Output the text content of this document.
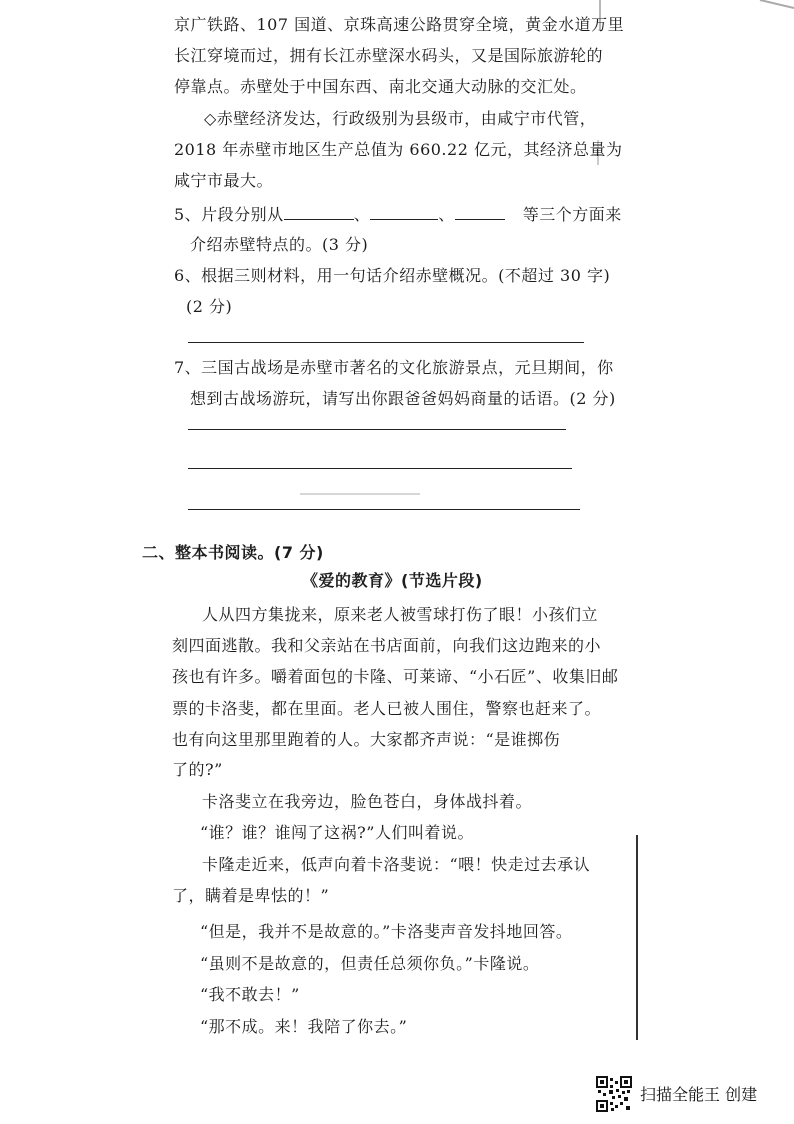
京广铁路、107 国道、京珠高速公路贯穿全境，黄金水道万里
长江穿境而过，拥有长江赤壁深水码头，又是国际旅游轮的
停靠点。赤壁处于中国东西、南北交通大动脉的交汇处。
◇赤壁经济发达，行政级别为县级市，由咸宁市代管，
2018 年赤壁市地区生产总值为 660.22 亿元，其经济总量为
咸宁市最大。
5、片段分别从	、	、	等三个方面来
介绍赤壁特点的。(3 分)
6、根据三则材料，用一句话介绍赤壁概况。(不超过 30 字)
(2 分)
7、三国古战场是赤壁市著名的文化旅游景点，元旦期间，你
想到古战场游玩，请写出你跟爸爸妈妈商量的话语。(2 分)
二、整本书阅读。(7 分)
《爱的教育》(节选片段)
人从四方集拢来，原来老人被雪球打伤了眼！小孩们立
刻四面逃散。我和父亲站在书店面前，向我们这边跑来的小
孩也有许多。嚼着面包的卡隆、可莱谛、“小石匠”、收集旧邮
票的卡洛斐，都在里面。老人已被人围住，警察也赶来了。
也有向这里那里跑着的人。大家都齐声说：“是谁掷伤
了的?”
卡洛斐立在我旁边，脸色苍白，身体战抖着。
“谁？谁？谁闯了这祸?”人们叫着说。
卡隆走近来，低声向着卡洛斐说：“喂！快走过去承认
了，瞒着是卑怯的！”
“但是，我并不是故意的。”卡洛斐声音发抖地回答。
“虽则不是故意的，但责任总须你负。”卡隆说。
“我不敢去！”
“那不成。来！我陪了你去。”
扫描全能王 创建
